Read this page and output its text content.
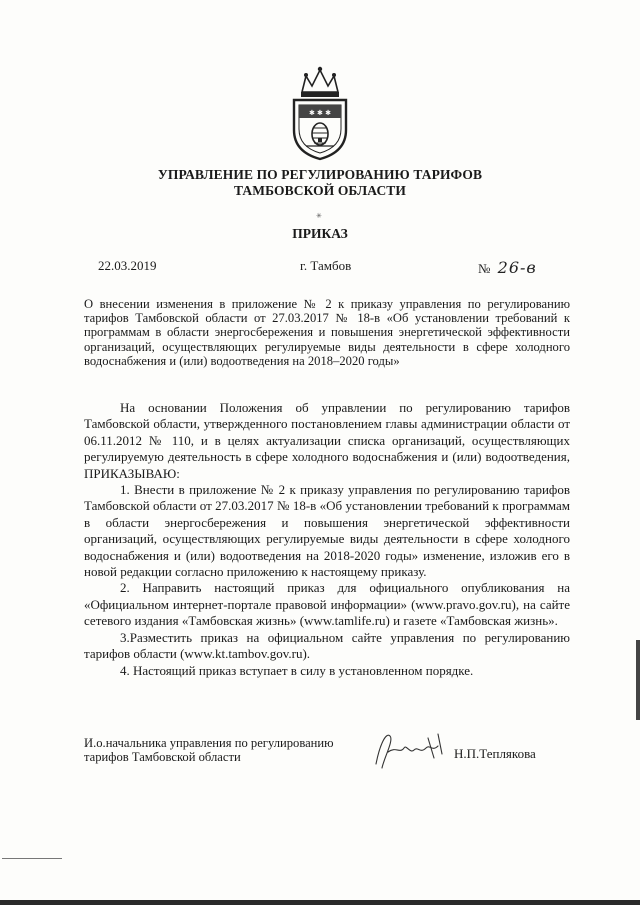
✱ ✱ ✱
УПРАВЛЕНИЕ ПО РЕГУЛИРОВАНИЮ ТАРИФОВ
ТАМБОВСКОЙ ОБЛАСТИ
✳
ПРИКАЗ
22.03.2019	г. Тамбов	№ 26-в
О внесении изменения в приложение № 2 к приказу управления по регулированию тарифов Тамбовской области от 27.03.2017 № 18-в «Об установлении требований к программам в области энергосбережения и повышения энергетической эффективности организаций, осуществляющих регулируемые виды деятельности в сфере холодного водоснабжения и (или) водоотведения на 2018–2020 годы»

На основании Положения об управлении по регулированию тарифов Тамбовской области, утвержденного постановлением главы администрации области от 06.11.2012 № 110, и в целях актуализации списка организаций, осуществляющих регулируемую деятельность в сфере холодного водоснабжения и (или) водоотведения, ПРИКАЗЫВАЮ:

1. Внести в приложение № 2 к приказу управления по регулированию тарифов Тамбовской области от 27.03.2017 № 18-в «Об установлении требований к программам в области энергосбережения и повышения энергетической эффективности организаций, осуществляющих регулируемые виды деятельности в сфере холодного водоснабжения и (или) водоотведения на 2018-2020 годы» изменение, изложив его в новой редакции согласно приложению к настоящему приказу.

2. Направить настоящий приказ для официального опубликования на «Официальном интернет-портале правовой информации» (www.pravo.gov.ru), на сайте сетевого издания «Тамбовская жизнь» (www.tamlife.ru) и газете «Тамбовская жизнь».

3.Разместить приказ на официальном сайте управления по регулированию тарифов области (www.kt.tambov.gov.ru).

4. Настоящий приказ вступает в силу в установленном порядке.

И.о.начальника управления по регулированию
тарифов Тамбовской области	Н.П.Теплякова
